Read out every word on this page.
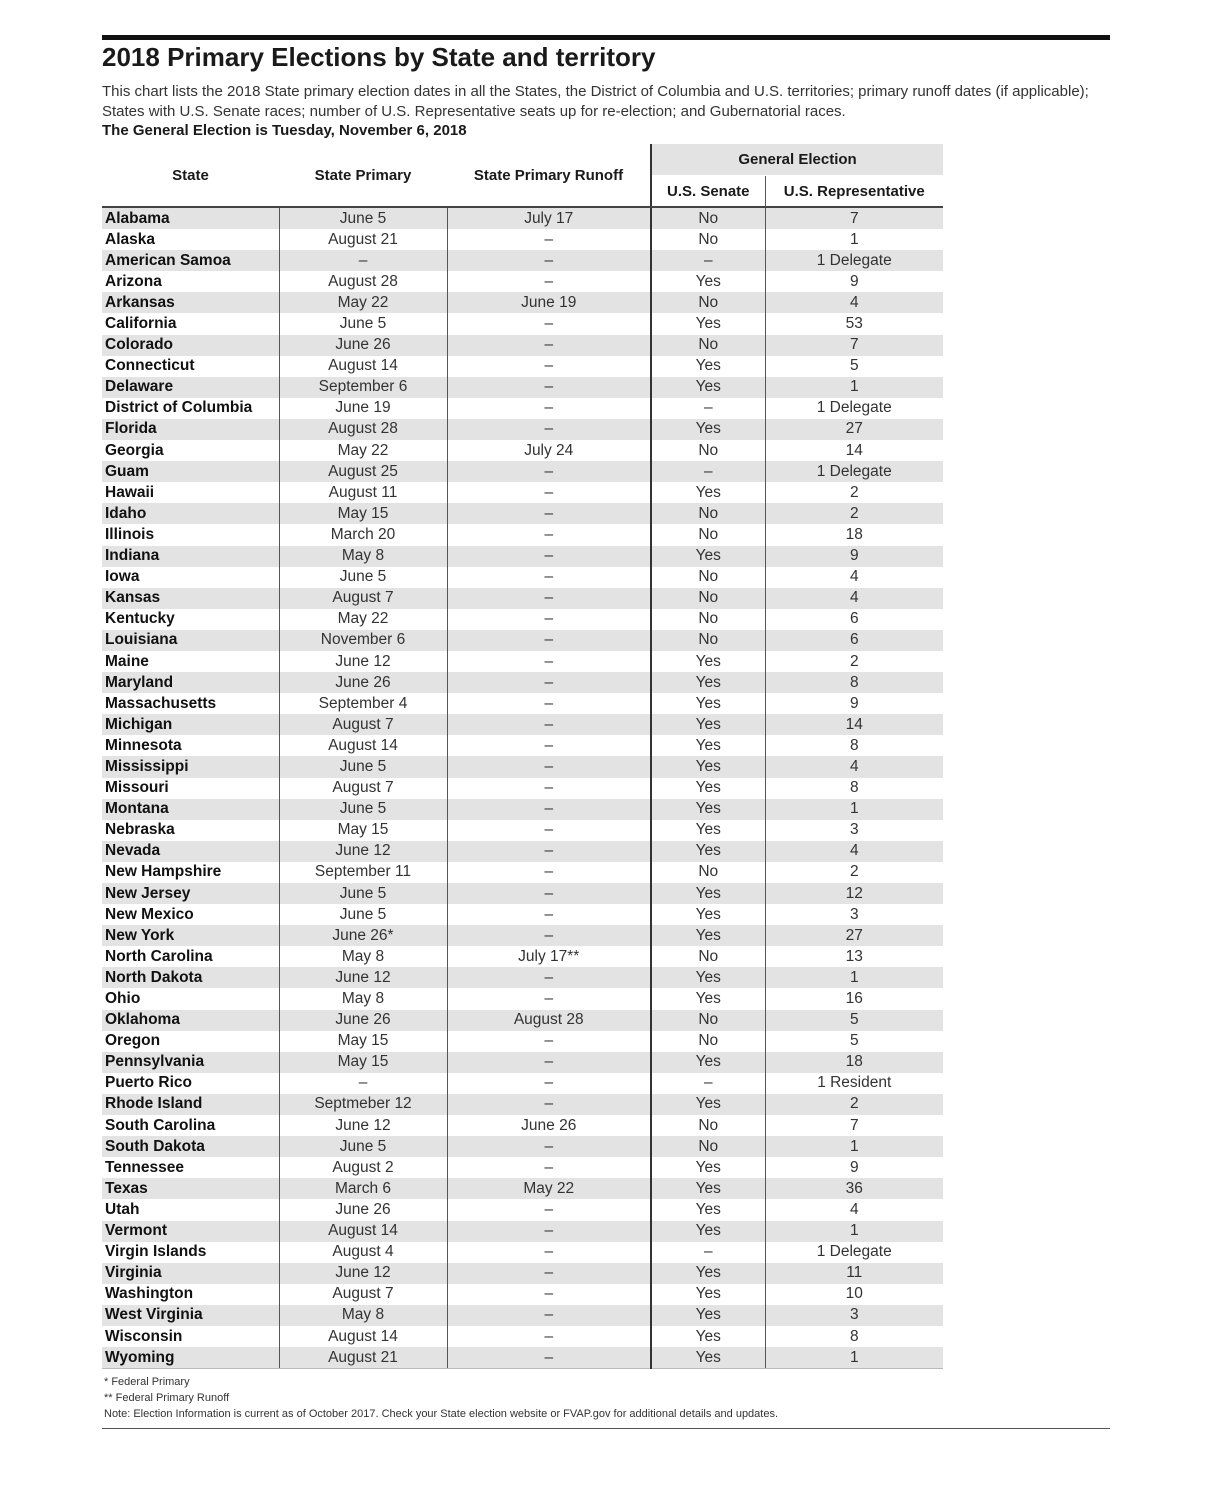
2018 Primary Elections by State and territory

This chart lists the 2018 State primary election dates in all the States, the District of Columbia and U.S. territories; primary runoff dates (if applicable); States with U.S. Senate races; number of U.S. Representative seats up for re-election; and Gubernatorial races.

The General Election is Tuesday, November 6, 2018

State	State Primary	State Primary Runoff	General Election	
			U.S. Senate	U.S. Representative
Alabama	June 5	July 17	No	7
Alaska	August 21	–	No	1
American Samoa	–	–	–	1 Delegate
Arizona	August 28	–	Yes	9
Arkansas	May 22	June 19	No	4
California	June 5	–	Yes	53
Colorado	June 26	–	No	7
Connecticut	August 14	–	Yes	5
Delaware	September 6	–	Yes	1
District of Columbia	June 19	–	–	1 Delegate
Florida	August 28	–	Yes	27
Georgia	May 22	July 24	No	14
Guam	August 25	–	–	1 Delegate
Hawaii	August 11	–	Yes	2
Idaho	May 15	–	No	2
Illinois	March 20	–	No	18
Indiana	May 8	–	Yes	9
Iowa	June 5	–	No	4
Kansas	August 7	–	No	4
Kentucky	May 22	–	No	6
Louisiana	November 6	–	No	6
Maine	June 12	–	Yes	2
Maryland	June 26	–	Yes	8
Massachusetts	September 4	–	Yes	9
Michigan	August 7	–	Yes	14
Minnesota	August 14	–	Yes	8
Mississippi	June 5	–	Yes	4
Missouri	August 7	–	Yes	8
Montana	June 5	–	Yes	1
Nebraska	May 15	–	Yes	3
Nevada	June 12	–	Yes	4
New Hampshire	September 11	–	No	2
New Jersey	June 5	–	Yes	12
New Mexico	June 5	–	Yes	3
New York	June 26*	–	Yes	27
North Carolina	May 8	July 17**	No	13
North Dakota	June 12	–	Yes	1
Ohio	May 8	–	Yes	16
Oklahoma	June 26	August 28	No	5
Oregon	May 15	–	No	5
Pennsylvania	May 15	–	Yes	18
Puerto Rico	–	–	–	1 Resident
Rhode Island	Septmeber 12	–	Yes	2
South Carolina	June 12	June 26	No	7
South Dakota	June 5	–	No	1
Tennessee	August 2	–	Yes	9
Texas	March 6	May 22	Yes	36
Utah	June 26	–	Yes	4
Vermont	August 14	–	Yes	1
Virgin Islands	August 4	–	–	1 Delegate
Virginia	June 12	–	Yes	11
Washington	August 7	–	Yes	10
West Virginia	May 8	–	Yes	3
Wisconsin	August 14	–	Yes	8
Wyoming	August 21	–	Yes	1

* Federal Primary

** Federal Primary Runoff

Note: Election Information is current as of October 2017. Check your State election website or FVAP.gov for additional details and updates.
